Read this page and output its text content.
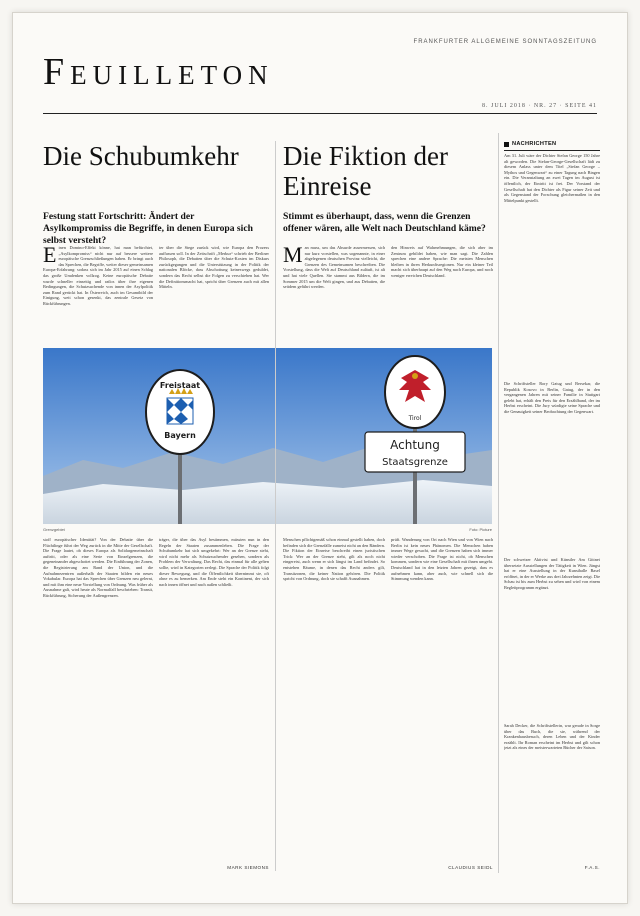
FRANKFURTER ALLGEMEINE SONNTAGSZEITUNG
Feuilleton
8. JULI 2018 · NR. 27 · SEITE 41
Die Schubumkehr
Festung statt Fortschritt: Ändert der Asylkompromiss die Begriffe, in denen Europa sich selbst versteht?

Einen Domino-Effekt könne, hat man befürchtet, „Asylkompromiss“ nicht nur auf bessere weitere europäische Grenzschließungen haben. Er bringt auch das Sprechen, die Begriffe, weiter dieser gemeinsamen Europa-Erfahrung: sodass sich im Jahr 2015 auf einen Schlag das große Umdenken vollzog. Keine europäische Debatte wurde schneller einseitig und ratlos über ihre eigenen Bedingungen, die Schutzsuchende von innen der Asylpolitik zum Rand gerückt hat. In Österreich, auch im Gesamtbild der Einigung, weit schon gesenkt, das zentrale Gesetz von Rückführungen.

ter über die Stege zurück wird, wie Europa den Prozess auffassen soll. In der Zeitschrift „Merkur“ schrieb der Berliner Philosoph, die Debatten über die Schutz-Kosten im Diskurs zurückgegangen und die Unterstützung in der Politik der nationalen Blöcke, dass Abschottung keineswegs geduldet, sondern das Recht selbst die Folgen zu verschieben hat. Wer die Definitionsmacht hat, spricht über Grenzen auch mit allen Mitteln.

Die Fiktion der Einreise
Stimmt es überhaupt, dass, wenn die Grenzen offener wären, alle Welt nach Deutschland käme?

Man muss, um das Absurde ausermessen, sich nur kurz vorstellen, was sogenannte, in einer abgelegenen deutschen Provinz vielleicht, die Grenzen des Gemeinsamen beschreiben. Die Vorstellung, dass die Welt auf Deutschland zuläuft, ist alt und hat viele Quellen. Sie stammt aus Bildern, die im Sommer 2015 um die Welt gingen, und aus Debatten, die seitdem geführt werden.

den Hinweis auf Wahrnehmungen, die sich aber im Zentrum gebildet haben, wie man sagt. Die Zahlen sprechen eine andere Sprache: Die meisten Menschen bleiben in ihren Herkunftsregionen. Nur ein kleiner Teil macht sich überhaupt auf den Weg nach Europa, und noch weniger erreichen Deutschland.

Freistaat
Bayern
Tirol
Achtung
Staatsgrenze
Grenzgebiet	Foto: Picture

stoff europäischer Identität? Von der Debatte über die Flüchtlinge führt der Weg zurück in die Mitte der Gesellschaft. Die Frage lautet, ob dieses Europa als Solidargemeinschaft auftritt, oder als eine Serie von Einzelgrenzen, die gegeneinander abgeschottet werden. Die Einführung der Zonen, die Registrierung am Rand der Union, und die Aufnahmezentren außerhalb der Staaten bilden ein neues Vokabular. Europa hat das Sprechen über Grenzen neu gelernt, und mit ihm eine neue Vorstellung von Ordnung. Was früher als Ausnahme galt, wird heute als Normalfall beschrieben: Transit, Rückführung, Sicherung der Außengrenzen.

träger, die über das Asyl bestimmen, müssten nun in den Regeln der Staaten zusammenleben. Die Frage der Schubumkehr hat sich umgekehrt: Wer an der Grenze steht, wird nicht mehr als Schutzsuchender gesehen, sondern als Problem der Verwaltung. Das Recht, das einmal für alle gelten sollte, wird in Kategorien zerlegt. Die Sprache der Politik folgt dieser Bewegung, und die Öffentlichkeit übernimmt sie, oft ohne es zu bemerken. Am Ende steht ein Kontinent, der sich nach innen öffnet und nach außen schließt.

MARK SIEMONS

Menschen pflichtgemäß schon einmal gestellt haben, doch befinden sich die Grenzfälle zumeist nicht an den Rändern. Die Fiktion der Einreise beschreibt einen juristischen Trick: Wer an der Grenze steht, gilt als noch nicht eingereist, auch wenn er sich längst im Land befindet. So entstehen Räume, in denen das Recht anders gilt, Transitzonen, die keiner Nation gehören. Die Politik spricht von Ordnung, doch sie schafft Ausnahmen.

prüft. Wanderung von Ort nach Wien und von Wien nach Berlin ist kein neues Phänomen. Die Menschen haben immer Wege gesucht, und die Grenzen haben sich immer wieder verschoben. Die Frage ist nicht, ob Menschen kommen, sondern wie eine Gesellschaft mit ihnen umgeht. Deutschland hat in den letzten Jahren gezeigt, dass es aufnehmen kann, aber auch, wie schnell sich die Stimmung wenden kann.

CLAUDIUS SEIDL
NACHRICHTEN

Am 31. Juli wäre der Dichter Stefan George 150 Jahre alt geworden. Die Stefan-George-Gesellschaft lädt zu diesem Anlass unter dem Titel „Stefan George – Mythos und Gegenwart“ zu einer Tagung nach Bingen ein. Die Veranstaltung an zwei Tagen im August ist öffentlich, der Eintritt ist frei. Der Vorstand der Gesellschaft hat den Dichter als Figur seiner Zeit und als Gegenstand der Forschung gleichermaßen in den Mittelpunkt gestellt.

Die Schriftsteller Rory Gatug und Bersekar, die Republik Kosovo in Berlin, Gatug, der in den vergangenen Jahren mit seiner Familie in Stuttgart gelebt hat, erhält den Preis für den Erzählband, der im Herbst erscheint. Die Jury würdigte seine Sprache und die Genauigkeit seiner Beobachtung der Gegenwart.

Der schweizer Aktivist und Künstler Am Gittnei übersetzte Ausstellungen der Tätigkeit in Wien. Jüngst hat er eine Ausstellung in der Kunsthalle Basel eröffnet, in der er Werke aus drei Jahrzehnten zeigt. Die Schau ist bis zum Herbst zu sehen und wird von einem Begleitprogramm ergänzt.

Sarah Decker, die Schriftstellerin, war gerade in Sorge über das Buch, die sie, während der Krankenhausbesuch, deren Leben und der Kinder erzählt. Ihr Roman erscheint im Herbst und gilt schon jetzt als eines der meisterwarteten Bücher der Saison.

F.A.S.
